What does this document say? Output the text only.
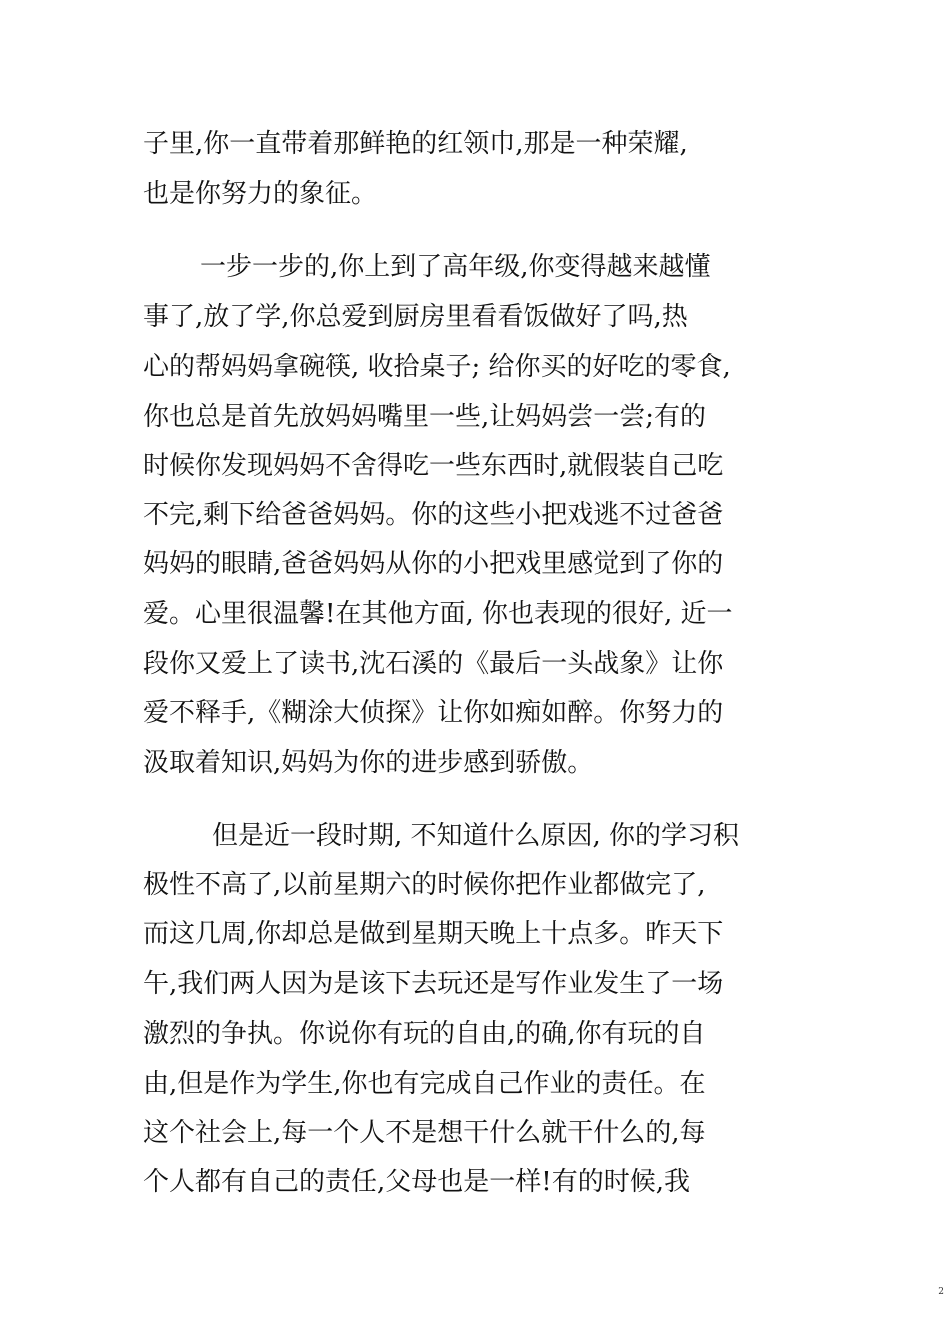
子里,你一直带着那鲜艳的红领巾,那是一种荣耀,
也是你努力的象征。
一步一步的,你上到了高年级,你变得越来越懂
事了,放了学,你总爱到厨房里看看饭做好了吗,热
心的帮妈妈拿碗筷, 收拾桌子; 给你买的好吃的零食,
你也总是首先放妈妈嘴里一些,让妈妈尝一尝;有的
时候你发现妈妈不舍得吃一些东西时,就假装自己吃
不完,剩下给爸爸妈妈。你的这些小把戏逃不过爸爸
妈妈的眼睛,爸爸妈妈从你的小把戏里感觉到了你的
爱。心里很温馨!在其他方面, 你也表现的很好, 近一
段你又爱上了读书,沈石溪的《最后一头战象》让你
爱不释手,《糊涂大侦探》让你如痴如醉。你努力的
汲取着知识,妈妈为你的进步感到骄傲。
但是近一段时期, 不知道什么原因, 你的学习积
极性不高了,以前星期六的时候你把作业都做完了,
而这几周,你却总是做到星期天晚上十点多。昨天下
午,我们两人因为是该下去玩还是写作业发生了一场
激烈的争执。你说你有玩的自由,的确,你有玩的自
由,但是作为学生,你也有完成自己作业的责任。在
这个社会上,每一个人不是想干什么就干什么的,每
个人都有自己的责任,父母也是一样!有的时候,我
2
